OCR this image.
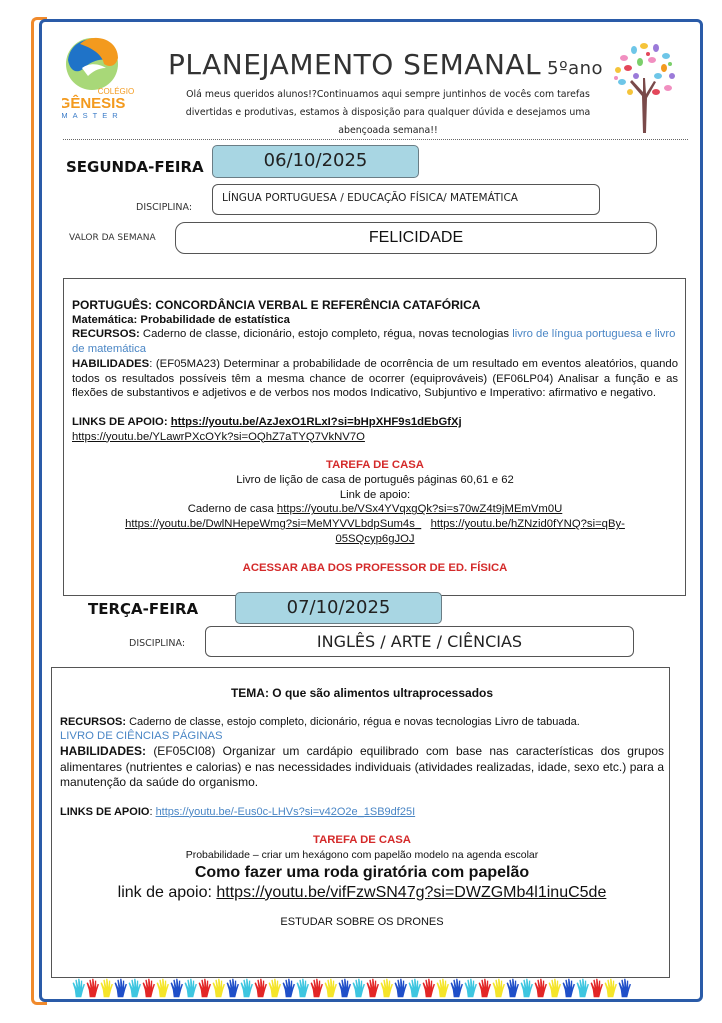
COLÉGIO
GÊNESIS
MASTER
PLANEJAMENTO SEMANAL 5ºano
Olá meus queridos alunos!?Continuamos aqui sempre juntinhos de vocês com tarefas
divertidas e produtivas, estamos à disposição para qualquer dúvida e desejamos uma
abençoada semana!!
SEGUNDA-FEIRA	06/10/2025
DISCIPLINA:
LÍNGUA PORTUGUESA / EDUCAÇÃO FÍSICA/ MATEMÁTICA
VALOR DA SEMANA	FELICIDADE
PORTUGUÊS: CONCORDÂNCIA VERBAL E REFERÊNCIA CATAFÓRICA
Matemática: Probabilidade de estatística
RECURSOS: Caderno de classe, dicionário, estojo completo, régua, novas tecnologias livro de língua portuguesa e livro de matemática
HABILIDADES: (EF05MA23) Determinar a probabilidade de ocorrência de um resultado em eventos aleatórios, quando todos os resultados possíveis têm a mesma chance de ocorrer (equiprováveis) (EF06LP04) Analisar a função e as flexões de substantivos e adjetivos e de verbos nos modos Indicativo, Subjuntivo e Imperativo: afirmativo e negativo.
LINKS DE APOIO: https://youtu.be/AzJexO1RLxI?si=bHpXHF9s1dEbGfXj
https://youtu.be/YLawrPXcOYk?si=OQhZ7aTYQ7VkNV7O
TAREFA DE CASA
Livro de lição de casa de português páginas 60,61 e 62
Link de apoio:
Caderno de casa https://youtu.be/VSx4YVqxgQk?si=s70wZ4t9jMEmVm0U
https://youtu.be/DwlNHepeWmg?si=MeMYVVLbdpSum4s_ https://youtu.be/hZNzid0fYNQ?si=qBy-05SQcyp6gJOJ
ACESSAR ABA DOS PROFESSOR DE ED. FÍSICA
TERÇA-FEIRA	07/10/2025
DISCIPLINA:	INGLÊS / ARTE / CIÊNCIAS
TEMA: O que são alimentos ultraprocessados
RECURSOS: Caderno de classe, estojo completo, dicionário, régua e novas tecnologias Livro de tabuada.
LIVRO DE CIÊNCIAS PÁGINAS
HABILIDADES: (EF05CI08) Organizar um cardápio equilibrado com base nas características dos grupos alimentares (nutrientes e calorias) e nas necessidades individuais (atividades realizadas, idade, sexo etc.) para a manutenção da saúde do organismo.
LINKS DE APOIO: https://youtu.be/-Eus0c-LHVs?si=v42O2e_1SB9df25I
TAREFA DE CASA
Probabilidade – criar um hexágono com papelão modelo na agenda escolar
Como fazer uma roda giratória com papelão
link de apoio: https://youtu.be/vifFzwSN47g?si=DWZGMb4l1inuC5de
ESTUDAR SOBRE OS DRONES
